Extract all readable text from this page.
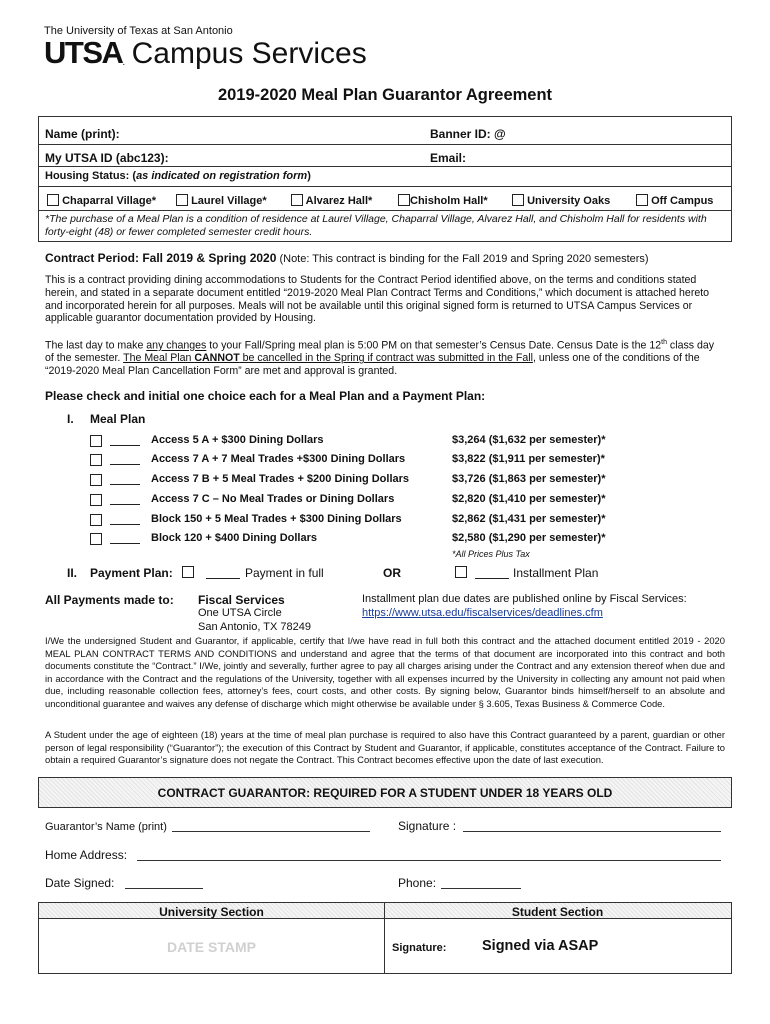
The University of Texas at San Antonio
UTSA. Campus Services
2019-2020 Meal Plan Guarantor Agreement
Name (print):	Banner ID: @
My UTSA ID (abc123):	Email:
Housing Status: (as indicated on registration form)
Chaparral Village*	Laurel Village*	Alvarez Hall*	Chisholm Hall*	University Oaks	Off Campus
*The purchase of a Meal Plan is a condition of residence at Laurel Village, Chaparral Village, Alvarez Hall, and Chisholm Hall for residents with forty-eight (48) or fewer completed semester credit hours.
Contract Period: Fall 2019 & Spring 2020 (Note: This contract is binding for the Fall 2019 and Spring 2020 semesters)
This is a contract providing dining accommodations to Students for the Contract Period identified above, on the terms and conditions stated herein, and stated in a separate document entitled “2019-2020 Meal Plan Contract Terms and Conditions,” which document is attached hereto and incorporated herein for all purposes. Meals will not be available until this original signed form is returned to UTSA Campus Services or applicable guarantor documentation provided by Housing.
The last day to make any changes to your Fall/Spring meal plan is 5:00 PM on that semester’s Census Date. Census Date is the 12th class day of the semester. The Meal Plan CANNOT be cancelled in the Spring if contract was submitted in the Fall, unless one of the conditions of the “2019-2020 Meal Plan Cancellation Form” are met and approval is granted.
Please check and initial one choice each for a Meal Plan and a Payment Plan:
I. Meal Plan
Access 5 A + $300 Dining Dollars	$3,264 ($1,632 per semester)*
Access 7 A + 7 Meal Trades +$300 Dining Dollars	$3,822 ($1,911 per semester)*
Access 7 B + 5 Meal Trades + $200 Dining Dollars	$3,726 ($1,863 per semester)*
Access 7 C – No Meal Trades or Dining Dollars	$2,820 ($1,410 per semester)*
Block 150 + 5 Meal Trades + $300 Dining Dollars	$2,862 ($1,431 per semester)*
Block 120 + $400 Dining Dollars	$2,580 ($1,290 per semester)*
*All Prices Plus Tax
II. Payment Plan:	Payment in full	OR	Installment Plan
All Payments made to: Fiscal Services
One UTSA Circle
San Antonio, TX 78249
Installment plan due dates are published online by Fiscal Services:
https://www.utsa.edu/fiscalservices/deadlines.cfm
I/We the undersigned Student and Guarantor, if applicable, certify that I/we have read in full both this contract and the attached document entitled 2019 - 2020 MEAL PLAN CONTRACT TERMS AND CONDITIONS and understand and agree that the terms of that document are incorporated into this contract and both documents constitute the “Contract.” I/We, jointly and severally, further agree to pay all charges arising under the Contract and any extension thereof when due and in accordance with the Contract and the regulations of the University, together with all expenses incurred by the University in collecting any amount not paid when due, including reasonable collection fees, attorney’s fees, court costs, and other costs. By signing below, Guarantor binds himself/herself to an absolute and unconditional guarantee and waives any defense of discharge which might otherwise be available under § 3.605, Texas Business & Commerce Code.
A Student under the age of eighteen (18) years at the time of meal plan purchase is required to also have this Contract guaranteed by a parent, guardian or other person of legal responsibility (“Guarantor”); the execution of this Contract by Student and Guarantor, if applicable, constitutes acceptance of the Contract. Failure to obtain a required Guarantor’s signature does not negate the Contract. This Contract becomes effective upon the date of last execution.
CONTRACT GUARANTOR: REQUIRED FOR A STUDENT UNDER 18 YEARS OLD
Guarantor’s Name (print)	Signature :
Home Address:
Date Signed:	Phone:
University Section	Student Section
DATE STAMP	Signature: Signed via ASAP
